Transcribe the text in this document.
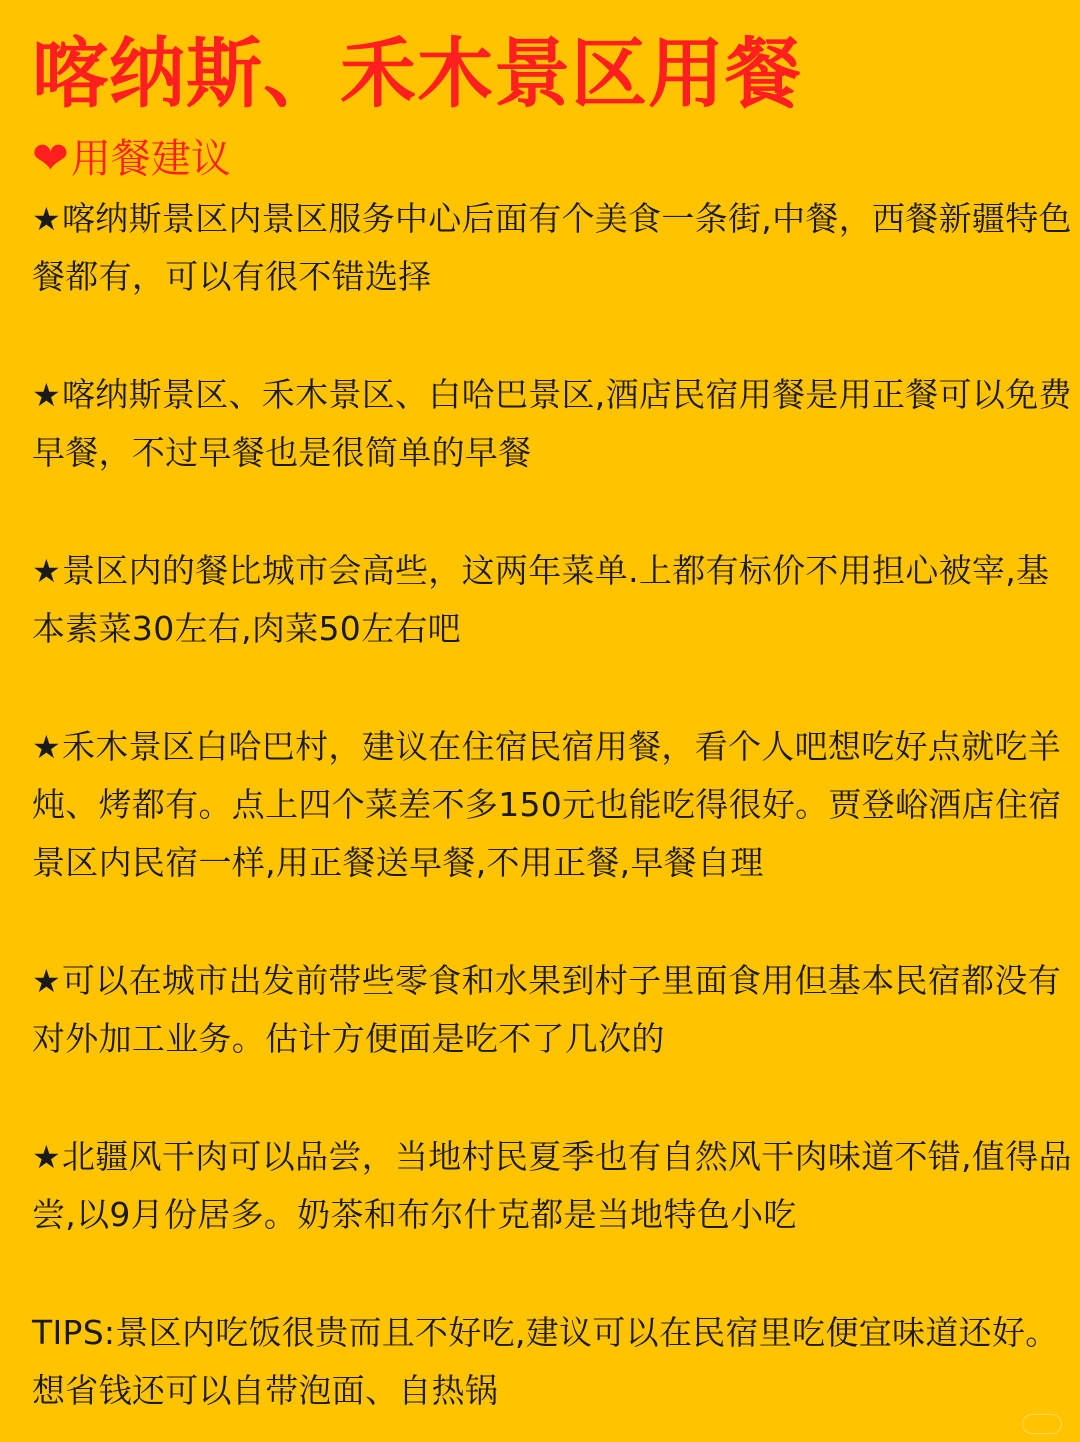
喀纳斯、禾木景区用餐
❤ 用餐建议

★喀纳斯景区内景区服务中心后面有个美食一条街,中餐，西餐新疆特色餐都有，可以有很不错选择

★喀纳斯景区、禾木景区、白哈巴景区,酒店民宿用餐是用正餐可以免费早餐，不过早餐也是很简单的早餐

★景区内的餐比城市会高些，这两年菜单.上都有标价不用担心被宰,基本素菜30左右,肉菜50左右吧

★禾木景区白哈巴村，建议在住宿民宿用餐，看个人吧想吃好点就吃羊炖、烤都有。点上四个菜差不多150元也能吃得很好。贾登峪酒店住宿景区内民宿一样,用正餐送早餐,不用正餐,早餐自理

★可以在城市出发前带些零食和水果到村子里面食用但基本民宿都没有对外加工业务。估计方便面是吃不了几次的

★北疆风干肉可以品尝，当地村民夏季也有自然风干肉味道不错,值得品尝,以9月份居多。奶茶和布尔什克都是当地特色小吃

TIPS:景区内吃饭很贵而且不好吃,建议可以在民宿里吃便宜味道还好。想省钱还可以自带泡面、自热锅
